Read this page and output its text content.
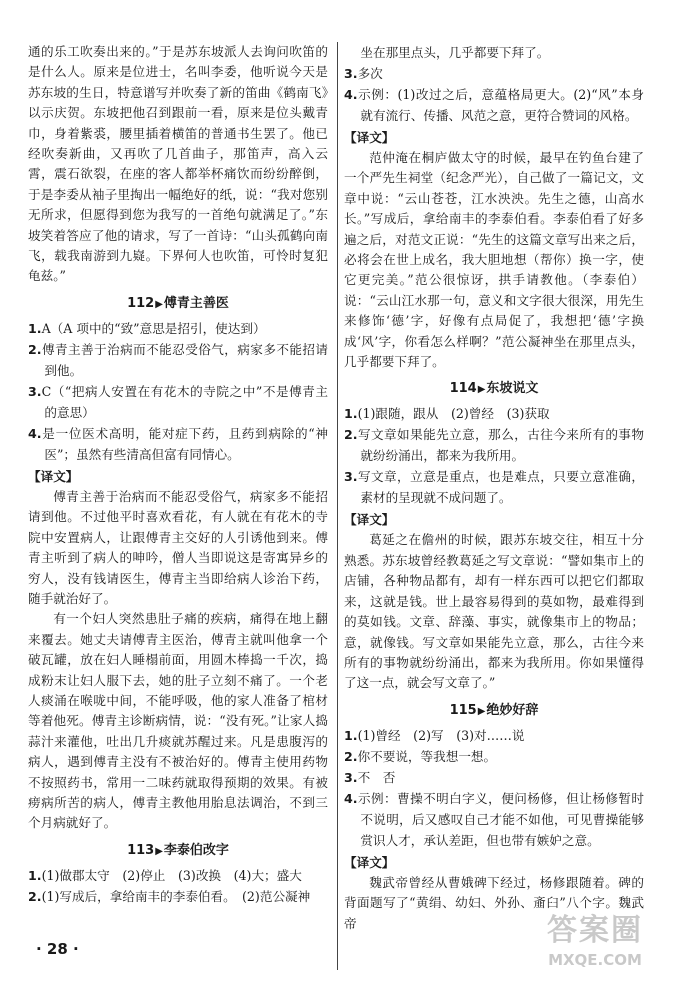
通的乐工吹奏出来的。”于是苏东坡派人去询问吹笛的是什么人。原来是位进士，名叫李委，他听说今天是苏东坡的生日，特意谱写并吹奏了新的笛曲《鹤南飞》以示庆贺。东坡把他召到跟前一看，原来是位头戴青巾，身着紫裘，腰里插着横笛的普通书生罢了。他已经吹奏新曲，又再吹了几首曲子，那笛声，高入云霄，震石欲裂，在座的客人都举杯痛饮而纷纷醉倒，于是李委从袖子里掏出一幅绝好的纸，说：“我对您别无所求，但愿得到您为我写的一首绝句就满足了。”东坡笑着答应了他的请求，写了一首诗：“山头孤鹤向南飞，载我南游到九嶷。下界何人也吹笛，可怜时复犯龟兹。”

112▶傅青主善医

1.A（A 项中的“致”意思是招引，使达到）

2.傅青主善于治病而不能忍受俗气，病家多不能招请到他。

3.C（“把病人安置在有花木的寺院之中”不是傅青主的意思）

4.是一位医术高明，能对症下药，且药到病除的“神医”；虽然有些清高但富有同情心。

【译文】

傅青主善于治病而不能忍受俗气，病家多不能招请到他。不过他平时喜欢看花，有人就在有花木的寺院中安置病人，让跟傅青主交好的人引诱他到来。傅青主听到了病人的呻吟，僧人当即说这是寄寓异乡的穷人，没有钱请医生，傅青主当即给病人诊治下药，随手就治好了。

有一个妇人突然患肚子痛的疾病，痛得在地上翻来覆去。她丈夫请傅青主医治，傅青主就叫他拿一个破瓦罐，放在妇人睡榻前面，用圆木棒捣一千次，捣成粉末让妇人服下去，她的肚子立刻不痛了。一个老人痰涌在喉咙中间，不能呼吸，他的家人准备了棺材等着他死。傅青主诊断病情，说：“没有死。”让家人捣蒜汁来灌他，吐出几升痰就苏醒过来。凡是患腹泻的病人，遇到傅青主没有不被治好的。傅青主使用药物不按照药书，常用一二味药就取得预期的效果。有被痨病所苦的病人，傅青主教他用胎息法调治，不到三个月病就好了。

113▶李泰伯改字

1.(1)做郡太守　(2)停止　(3)改换　(4)大；盛大

2.(1)写成后，拿给南丰的李泰伯看。　(2)范公凝神

坐在那里点头，几乎都要下拜了。

3.多次

4.示例：(1)改过之后，意蕴格局更大。(2)“风”本身就有流行、传播、风范之意，更符合赞词的风格。

【译文】

范仲淹在桐庐做太守的时候，最早在钓鱼台建了一个严先生祠堂（纪念严光），自己做了一篇记文，文章中说：“云山苍苍，江水泱泱。先生之德，山高水长。”写成后，拿给南丰的李泰伯看。李泰伯看了好多遍之后，对范文正说：“先生的这篇文章写出来之后，必将会在世上成名，我大胆地想（帮你）换一字，使它更完美。”范公很惊讶，拱手请教他。（李泰伯）说：“云山江水那一句，意义和文字很大很深，用先生来修饰‘德’字，好像有点局促了，我想把‘德’字换成‘风’字，你看怎么样啊？”范公凝神坐在那里点头，几乎都要下拜了。

114▶东坡说文

1.(1)跟随，跟从　(2)曾经　(3)获取

2.写文章如果能先立意，那么，古往今来所有的事物就纷纷涌出，都来为我所用。

3.写文章，立意是重点，也是难点，只要立意准确，素材的呈现就不成问题了。

【译文】

葛延之在儋州的时候，跟苏东坡交往，相互十分熟悉。苏东坡曾经教葛延之写文章说：“譬如集市上的店铺，各种物品都有，却有一样东西可以把它们都取来，这就是钱。世上最容易得到的莫如物，最难得到的莫如钱。文章、辞藻、事实，就像集市上的物品；意，就像钱。写文章如果能先立意，那么，古往今来所有的事物就纷纷涌出，都来为我所用。你如果懂得了这一点，就会写文章了。”

115▶绝妙好辞

1.(1)曾经　(2)写　(3)对……说

2.你不要说，等我想一想。

3.不　否

4.示例：曹操不明白字义，便问杨修，但让杨修暂时不说明，后又感叹自己才能不如他，可见曹操能够赏识人才，承认差距，但也带有嫉妒之意。

【译文】

魏武帝曾经从曹娥碑下经过，杨修跟随着。碑的背面题写了“黄绢、幼妇、外孙、齑臼”八个字。魏武帝

· 28 ·
答案圈
MXQE.COM
